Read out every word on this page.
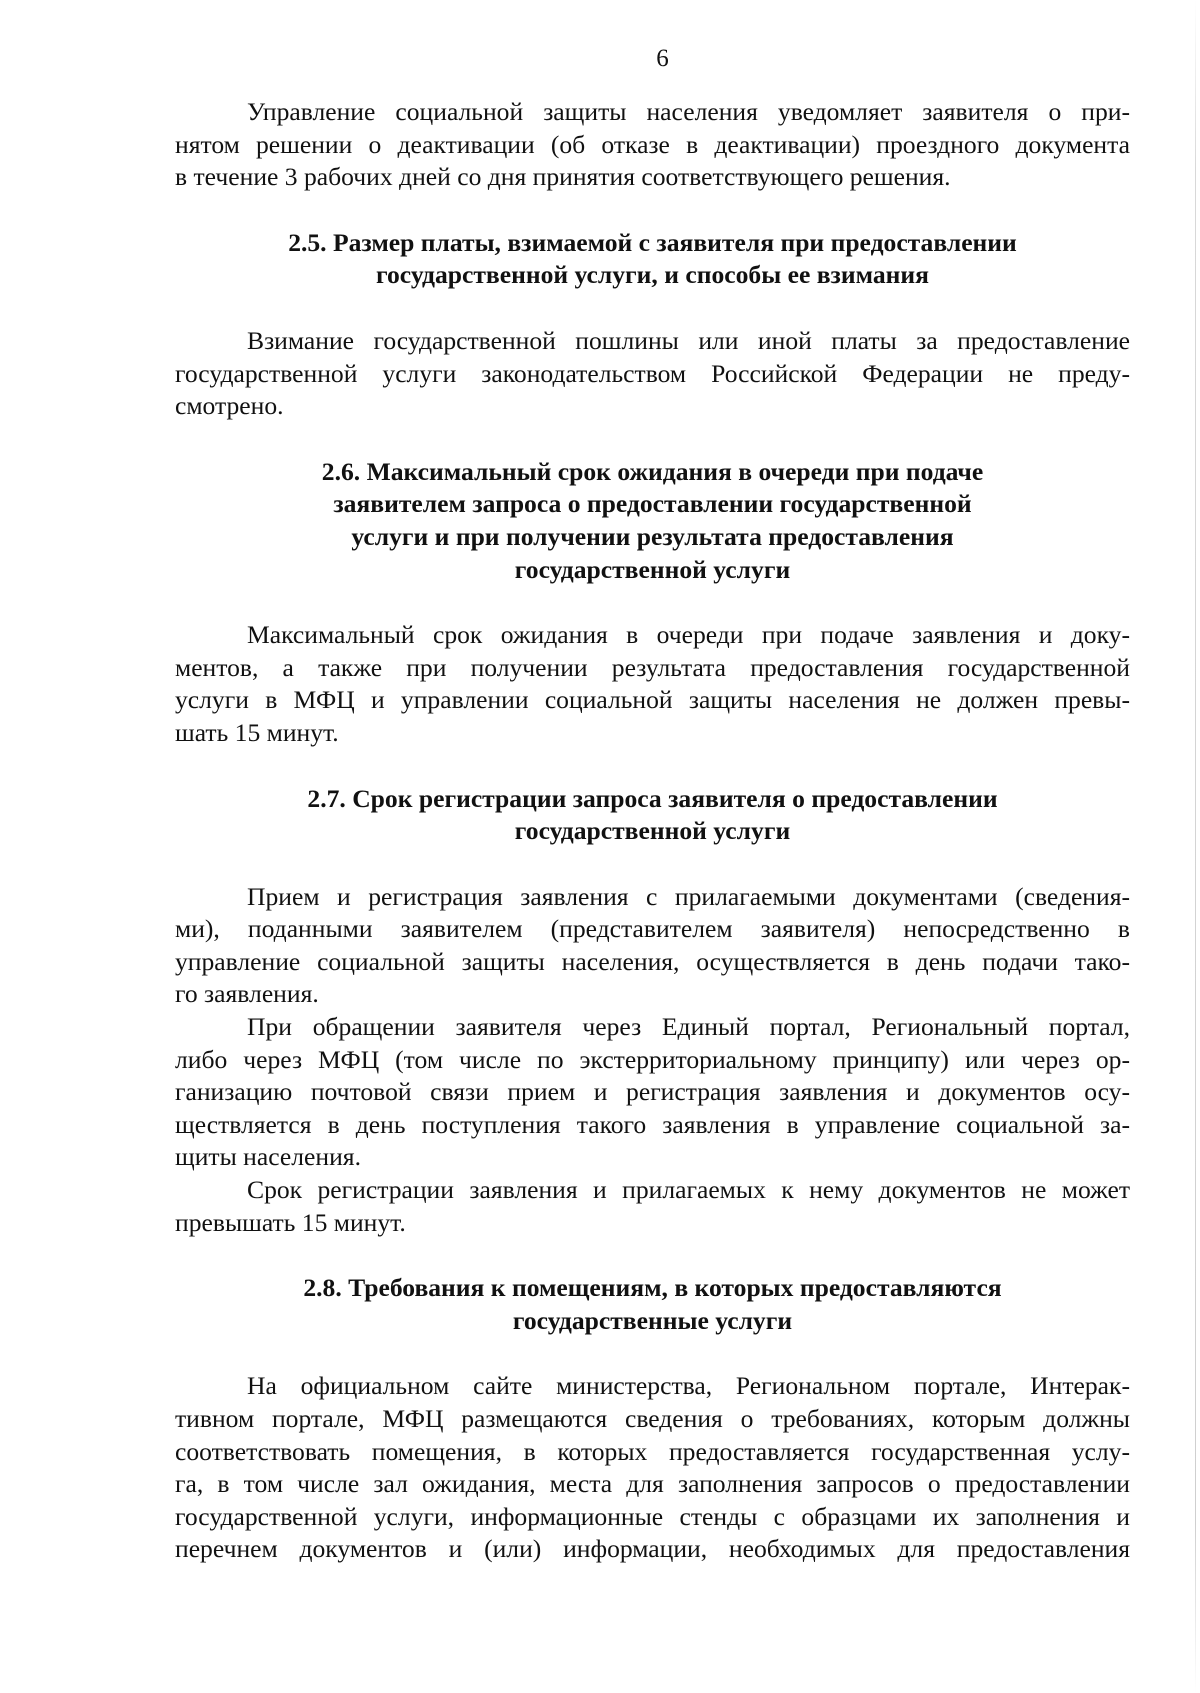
6
Управление социальной защиты населения уведомляет заявителя о при-
нятом решении о деактивации (об отказе в деактивации) проездного документа
в течение 3 рабочих дней со дня принятия соответствующего решения.
2.5. Размер платы, взимаемой с заявителя при предоставлении
государственной услуги, и способы ее взимания
Взимание государственной пошлины или иной платы за предоставление
государственной услуги законодательством Российской Федерации не преду-
смотрено.
2.6. Максимальный срок ожидания в очереди при подаче
заявителем запроса о предоставлении государственной
услуги и при получении результата предоставления
государственной услуги
Максимальный срок ожидания в очереди при подаче заявления и доку-
ментов, а также при получении результата предоставления государственной
услуги в МФЦ и управлении социальной защиты населения не должен превы-
шать 15 минут.
2.7. Срок регистрации запроса заявителя о предоставлении
государственной услуги
Прием и регистрация заявления с прилагаемыми документами (сведения-
ми), поданными заявителем (представителем заявителя) непосредственно в
управление социальной защиты населения, осуществляется в день подачи тако-
го заявления.
При обращении заявителя через Единый портал, Региональный портал,
либо через МФЦ (том числе по экстерриториальному принципу) или через ор-
ганизацию почтовой связи прием и регистрация заявления и документов осу-
ществляется в день поступления такого заявления в управление социальной за-
щиты населения.
Срок регистрации заявления и прилагаемых к нему документов не может
превышать 15 минут.
2.8. Требования к помещениям, в которых предоставляются
государственные услуги
На официальном сайте министерства, Региональном портале, Интерак-
тивном портале, МФЦ размещаются сведения о требованиях, которым должны
соответствовать помещения, в которых предоставляется государственная услу-
га, в том числе зал ожидания, места для заполнения запросов о предоставлении
государственной услуги, информационные стенды с образцами их заполнения и
перечнем документов и (или) информации, необходимых для предоставления
